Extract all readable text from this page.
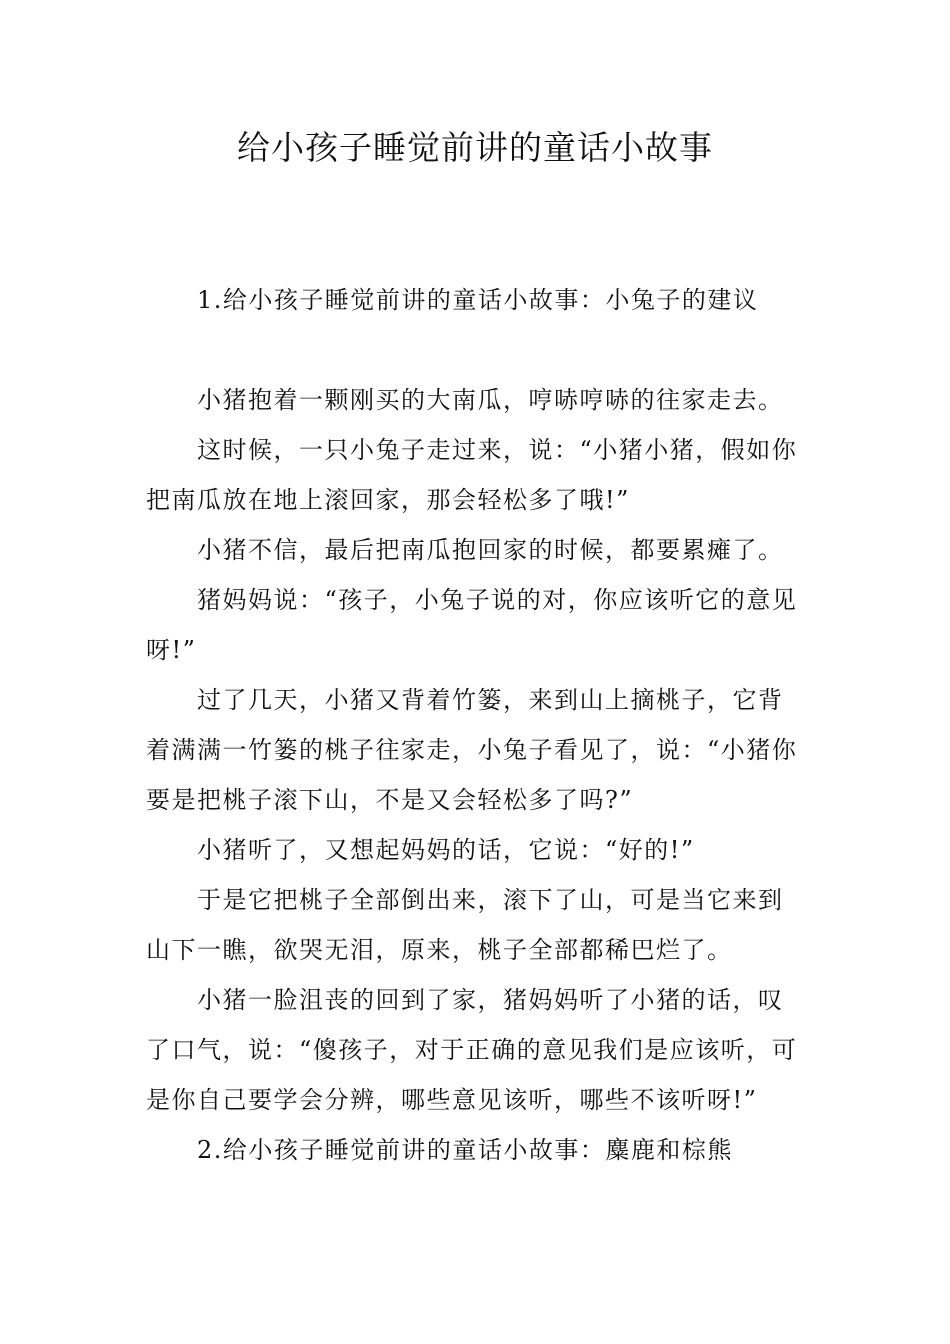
给小孩子睡觉前讲的童话小故事

1.给小孩子睡觉前讲的童话小故事：小兔子的建议

小猪抱着一颗刚买的大南瓜，哼哧哼哧的往家走去。

这时候，一只小兔子走过来，说：“小猪小猪，假如你把南瓜放在地上滚回家，那会轻松多了哦!”

小猪不信，最后把南瓜抱回家的时候，都要累瘫了。

猪妈妈说：“孩子，小兔子说的对，你应该听它的意见呀!”

过了几天，小猪又背着竹篓，来到山上摘桃子，它背着满满一竹篓的桃子往家走，小兔子看见了，说：“小猪你要是把桃子滚下山，不是又会轻松多了吗?”

小猪听了，又想起妈妈的话，它说：“好的!”

于是它把桃子全部倒出来，滚下了山，可是当它来到山下一瞧，欲哭无泪，原来，桃子全部都稀巴烂了。

小猪一脸沮丧的回到了家，猪妈妈听了小猪的话，叹了口气，说：“傻孩子，对于正确的意见我们是应该听，可是你自己要学会分辨，哪些意见该听，哪些不该听呀!”

2.给小孩子睡觉前讲的童话小故事：麋鹿和棕熊
